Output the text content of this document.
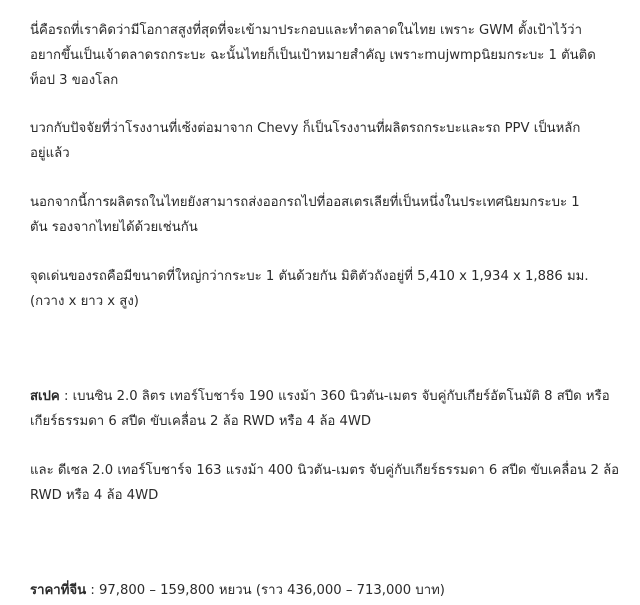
นี่คือรถที่เราคิดว่ามีโอกาสสูงที่สุดที่จะเข้ามาประกอบและทำตลาดในไทย เพราะ GWM ตั้งเป้าไว้ว่า
อยากขึ้นเป็นเจ้าตลาดรถกระบะ ฉะนั้นไทยก็เป็นเป้าหมายสำคัญ เพราะmujwmpนิยมกระบะ 1 ตันติด
ท็อป 3 ของโลก

บวกกับปัจจัยที่ว่าโรงงานที่เซ้งต่อมาจาก Chevy ก็เป็นโรงงานที่ผลิตรถกระบะและรถ PPV เป็นหลัก
อยู่แล้ว

นอกจากนี้การผลิตรถในไทยยังสามารถส่งออกรถไปที่ออสเตรเลียที่เป็นหนึ่งในประเทศนิยมกระบะ 1
ตัน รองจากไทยได้ด้วยเช่นกัน

จุดเด่นของรถคือมีขนาดที่ใหญ่กว่ากระบะ 1 ตันด้วยกัน มิติตัวถังอยู่ที่ 5,410 x 1,934 x 1,886 มม.
(กวาง x ยาว x สูง)

สเปค : เบนซิน 2.0 ลิตร เทอร์โบชาร์จ 190 แรงม้า 360 นิวตัน-เมตร จับคู่กับเกียร์อัตโนมัติ 8 สปีด หรือ
เกียร์ธรรมดา 6 สปีด ขับเคลื่อน 2 ล้อ RWD หรือ 4 ล้อ 4WD

และ ดีเซล 2.0 เทอร์โบชาร์จ 163 แรงม้า 400 นิวตัน-เมตร จับคู่กับเกียร์ธรรมดา 6 สปีด ขับเคลื่อน 2 ล้อ
RWD หรือ 4 ล้อ 4WD

ราคาที่จีน : 97,800 – 159,800 หยวน (ราว 436,000 – 713,000 บาท)
